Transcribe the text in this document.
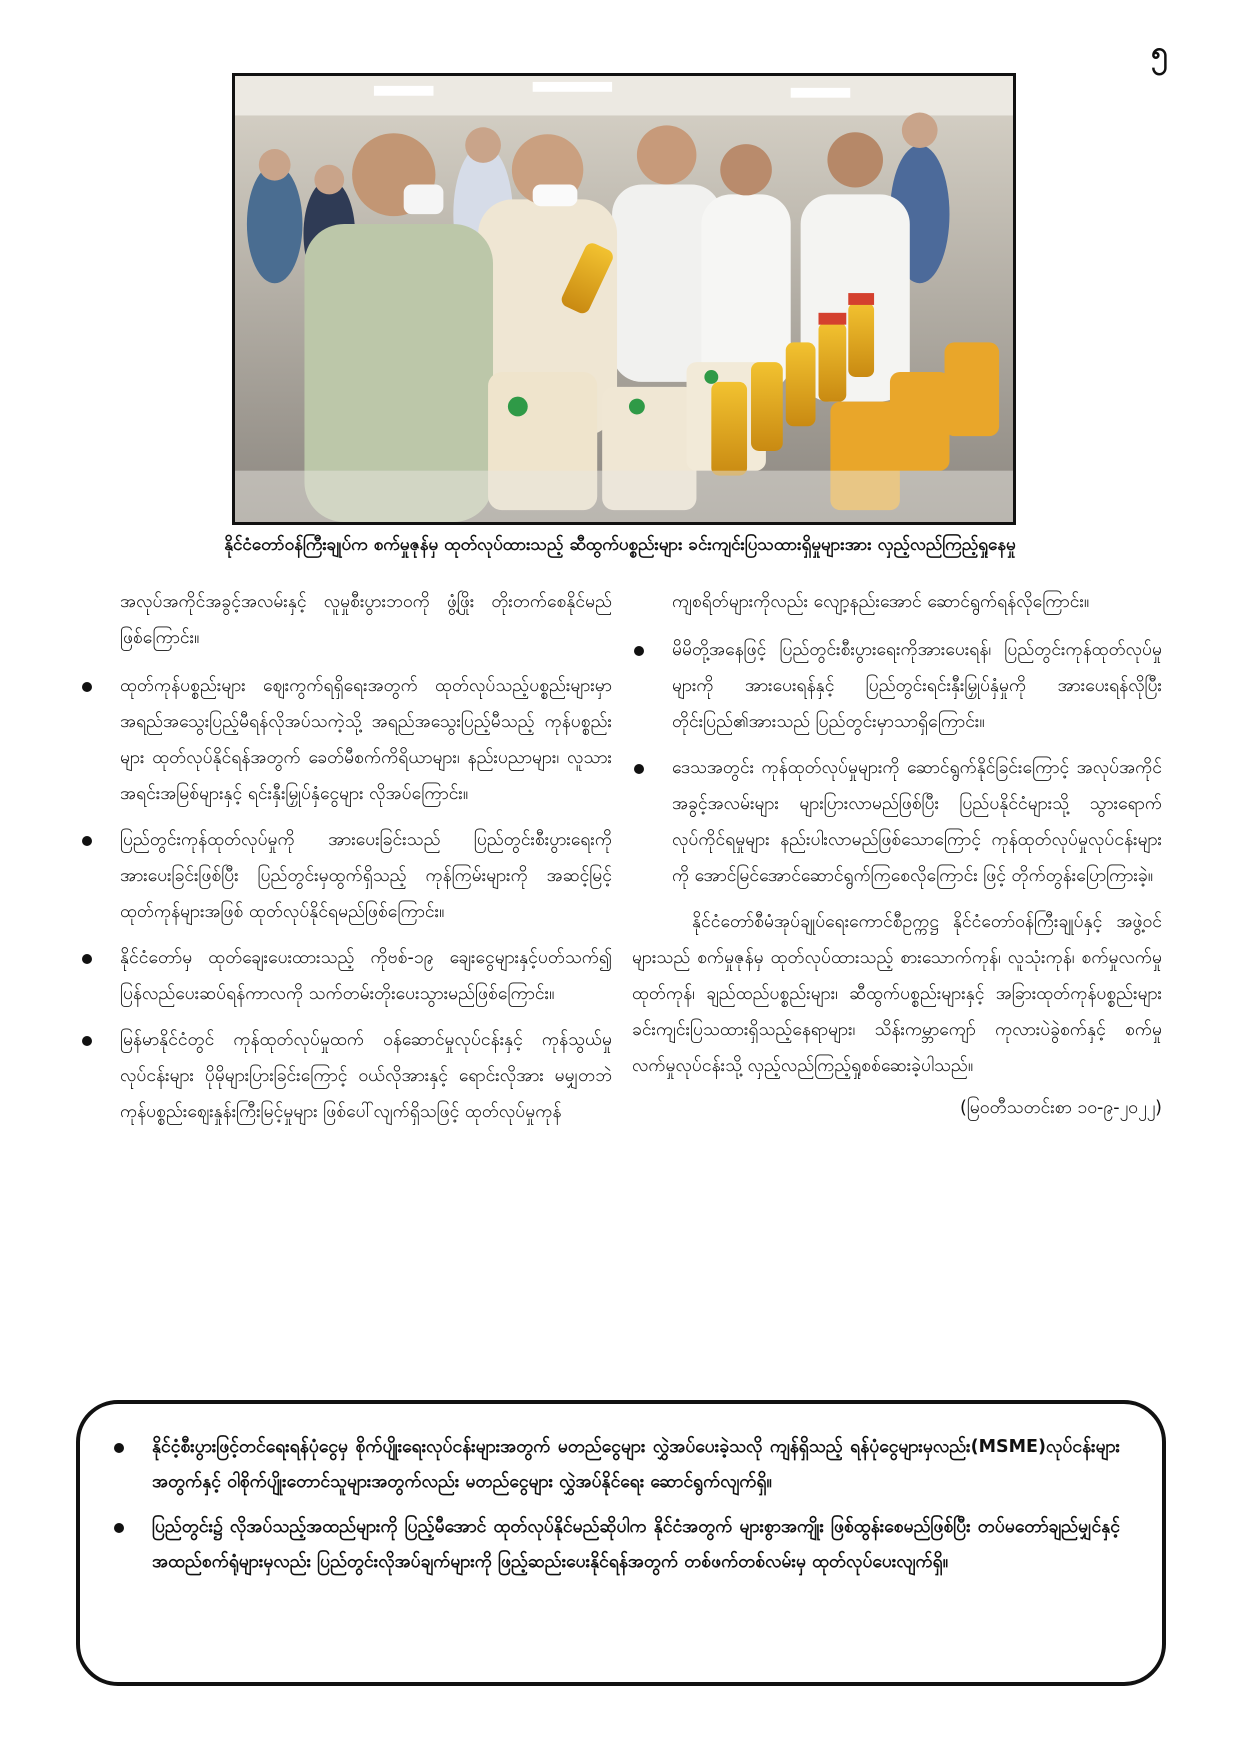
၅
နိုင်ငံတော်ဝန်ကြီးချုပ်က စက်မှုဇုန်မှ ထုတ်လုပ်ထားသည့် ဆီထွက်ပစ္စည်းများ ခင်းကျင်းပြသထားရှိမှုများအား လှည့်လည်ကြည့်ရှုနေမှု

အလုပ်အကိုင်အခွင့်အလမ်းနှင့် လူမှုစီးပွားဘဝကို ဖွံ့ဖြိုး တိုးတက်စေနိုင်မည်ဖြစ်ကြောင်း။

ထုတ်ကုန်ပစ္စည်းများ ဈေးကွက်ရရှိရေးအတွက် ထုတ်လုပ်သည့်ပစ္စည်းများမှာ အရည်အသွေးပြည့်မီရန်လိုအပ်သကဲ့သို့ အရည်အသွေးပြည့်မီသည့် ကုန်ပစ္စည်းများ ထုတ်လုပ်နိုင်ရန်အတွက် ခေတ်မီစက်ကိရိယာများ၊ နည်းပညာများ၊ လူသားအရင်းအမြစ်များနှင့် ရင်းနှီးမြှုပ်နှံငွေများ လိုအပ်ကြောင်း။
ပြည်တွင်းကုန်ထုတ်လုပ်မှုကို အားပေးခြင်းသည် ပြည်တွင်းစီးပွားရေးကို အားပေးခြင်းဖြစ်ပြီး ပြည်တွင်းမှထွက်ရှိသည့် ကုန်ကြမ်းများကို အဆင့်မြင့် ထုတ်ကုန်များအဖြစ် ထုတ်လုပ်နိုင်ရမည်ဖြစ်ကြောင်း။
နိုင်ငံတော်မှ ထုတ်ချေးပေးထားသည့် ကိုဗစ်-၁၉ ချေးငွေများနှင့်ပတ်သက်၍ ပြန်လည်ပေးဆပ်ရန်ကာလကို သက်တမ်းတိုးပေးသွားမည်ဖြစ်ကြောင်း။
မြန်မာနိုင်ငံတွင် ကုန်ထုတ်လုပ်မှုထက် ဝန်ဆောင်မှုလုပ်ငန်းနှင့် ကုန်သွယ်မှုလုပ်ငန်းများ ပိုမိုများပြားခြင်းကြောင့် ဝယ်လိုအားနှင့် ရောင်းလိုအား မမျှတဘဲ ကုန်ပစ္စည်းဈေးနှုန်းကြီးမြင့်မှုများ ဖြစ်ပေါ်လျက်ရှိသဖြင့် ထုတ်လုပ်မှုကုန်

ကျစရိတ်များကိုလည်း လျော့နည်းအောင် ဆောင်ရွက်ရန်လိုကြောင်း။

မိမိတို့အနေဖြင့် ပြည်တွင်းစီးပွားရေးကိုအားပေးရန်၊ ပြည်တွင်းကုန်ထုတ်လုပ်မှုများကို အားပေးရန်နှင့် ပြည်တွင်းရင်းနှီးမြှုပ်နှံမှုကို အားပေးရန်လိုပြီး တိုင်းပြည်၏အားသည် ပြည်တွင်းမှာသာရှိကြောင်း။
ဒေသအတွင်း ကုန်ထုတ်လုပ်မှုများကို ဆောင်ရွက်နိုင်ခြင်းကြောင့် အလုပ်အကိုင် အခွင့်အလမ်းများ များပြားလာမည်ဖြစ်ပြီး ပြည်ပနိုင်ငံများသို့ သွားရောက်လုပ်ကိုင်ရမှုများ နည်းပါးလာမည်ဖြစ်သောကြောင့် ကုန်ထုတ်လုပ်မှုလုပ်ငန်းများကို အောင်မြင်အောင်ဆောင်ရွက်ကြစေလိုကြောင်း ဖြင့် တိုက်တွန်းပြောကြားခဲ့။

နိုင်ငံတော်စီမံအုပ်ချုပ်ရေးကောင်စီဥက္ကဋ္ဌ နိုင်ငံတော်ဝန်ကြီးချုပ်နှင့် အဖွဲ့ဝင်များသည် စက်မှုဇုန်မှ ထုတ်လုပ်ထားသည့် စားသောက်ကုန်၊ လူသုံးကုန်၊ စက်မှုလက်မှုထုတ်ကုန်၊ ချည်ထည်ပစ္စည်းများ၊ ဆီထွက်ပစ္စည်းများနှင့် အခြားထုတ်ကုန်ပစ္စည်းများ ခင်းကျင်းပြသထားရှိသည့်နေရာများ၊ သိန်းကမ္ဘာကျော် ကုလားပဲခွဲစက်နှင့် စက်မှုလက်မှုလုပ်ငန်းသို့ လှည့်လည်ကြည့်ရှုစစ်ဆေးခဲ့ပါသည်။

(မြဝတီသတင်းစာ ၁၀-၉-၂၀၂၂)
နိုင်ငံ့စီးပွားဖြင့်တင်ရေးရန်ပုံငွေမှ စိုက်ပျိုးရေးလုပ်ငန်းများအတွက် မတည်ငွေများ လွှဲအပ်ပေးခဲ့သလို ကျန်ရှိသည့် ရန်ပုံငွေများမှလည်း(MSME)လုပ်ငန်းများအတွက်နှင့် ဝါစိုက်ပျိုးတောင်သူများအတွက်လည်း မတည်ငွေများ လွှဲအပ်နိုင်ရေး ဆောင်ရွက်လျက်ရှိ။
ပြည်တွင်း၌ လိုအပ်သည့်အထည်များကို ပြည့်မီအောင် ထုတ်လုပ်နိုင်မည်ဆိုပါက နိုင်ငံအတွက် များစွာအကျိုး ဖြစ်ထွန်းစေမည်ဖြစ်ပြီး တပ်မတော်ချည်မျှင်နှင့် အထည်စက်ရုံများမှလည်း ပြည်တွင်းလိုအပ်ချက်များကို ဖြည့်ဆည်းပေးနိုင်ရန်အတွက် တစ်ဖက်တစ်လမ်းမှ ထုတ်လုပ်ပေးလျက်ရှိ။
